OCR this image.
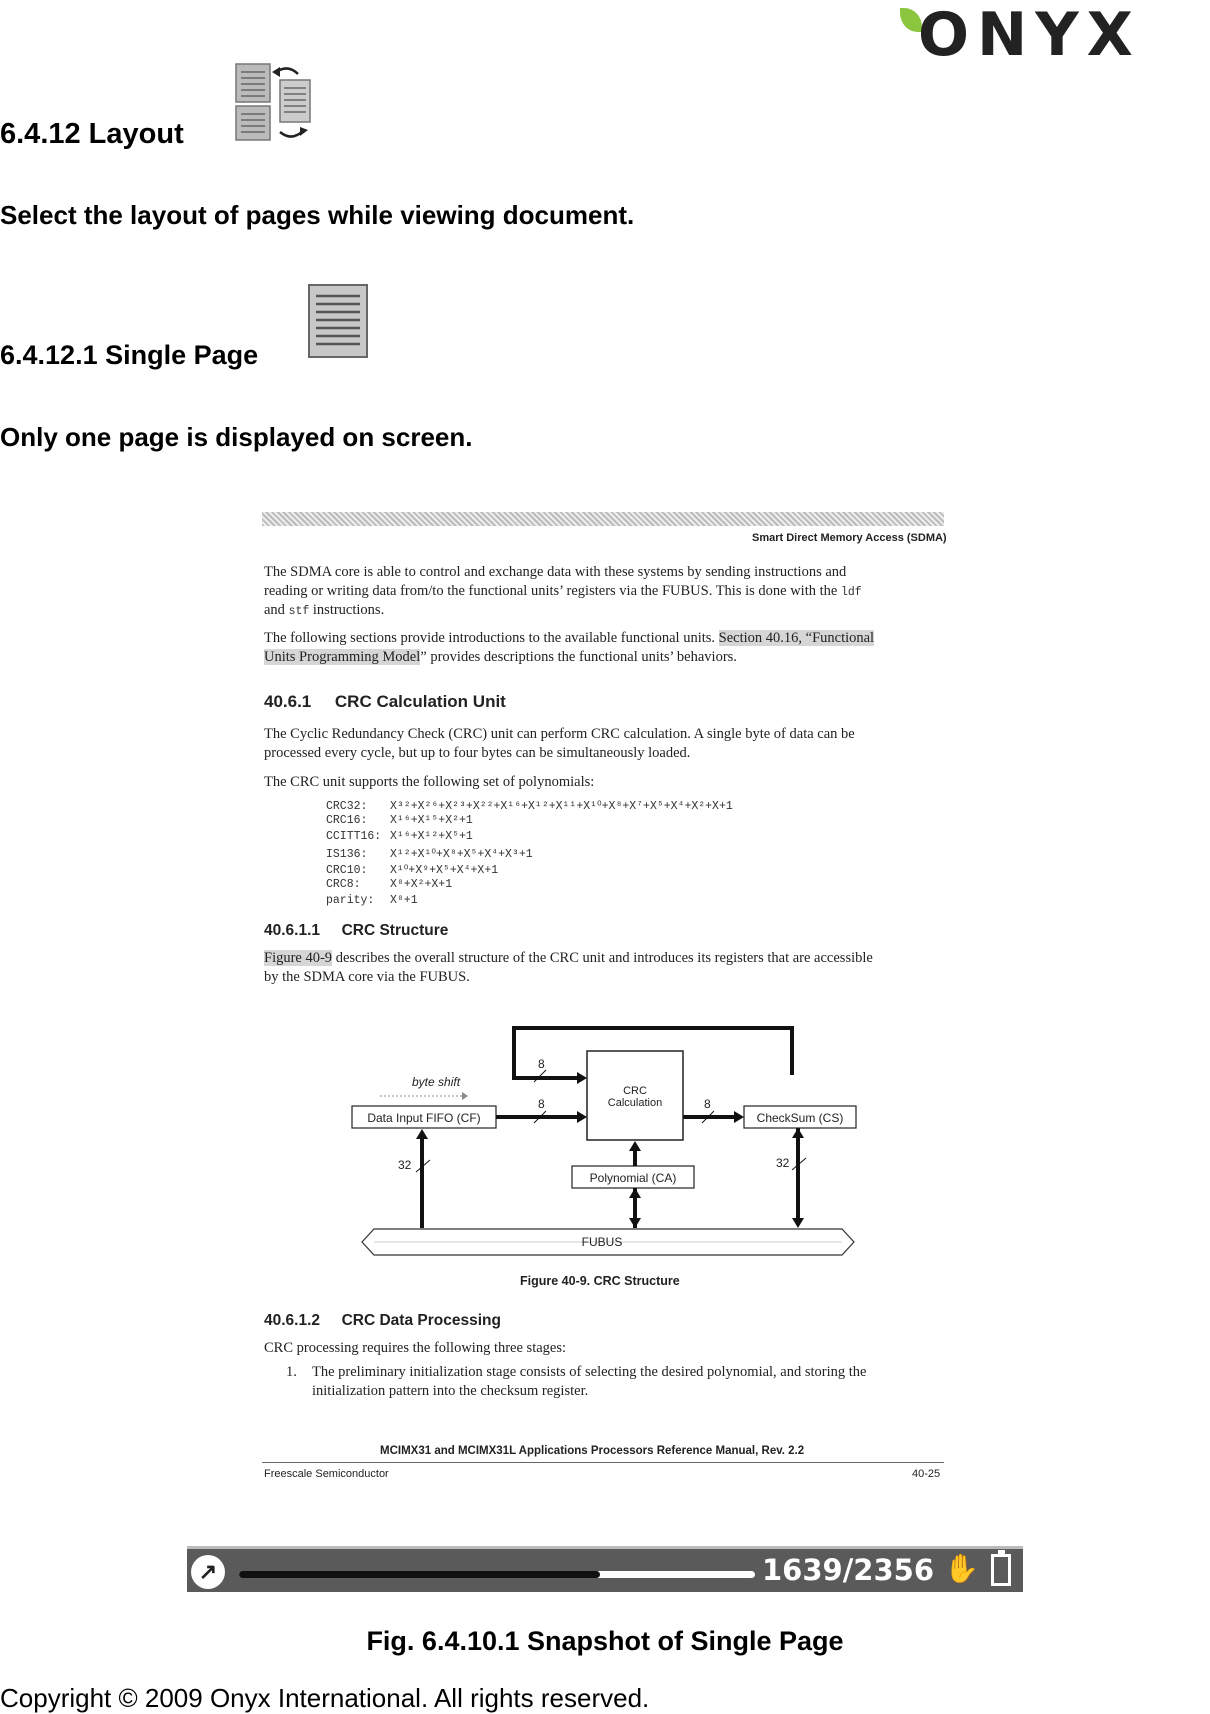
ONYX
6.4.12 Layout
Select the layout of pages while viewing document.
6.4.12.1 Single Page
Only one page is displayed on screen.
Smart Direct Memory Access (SDMA)
The SDMA core is able to control and exchange data with these systems by sending instructions and
reading or writing data from/to the functional units’ registers via the FUBUS. This is done with the ldf
and stf instructions.
The following sections provide introductions to the available functional units. Section 40.16, “Functional
Units Programming Model” provides descriptions the functional units’ behaviors.
40.6.1 CRC Calculation Unit
The Cyclic Redundancy Check (CRC) unit can perform CRC calculation. A single byte of data can be
processed every cycle, but up to four bytes can be simultaneously loaded.
The CRC unit supports the following set of polynomials:
CRC32: X³²+X²⁶+X²³+X²²+X¹⁶+X¹²+X¹¹+X¹⁰+X⁸+X⁷+X⁵+X⁴+X²+X+1
CRC16: X¹⁶+X¹⁵+X²+1
CCITT16: X¹⁶+X¹²+X⁵+1
IS136: X¹²+X¹⁰+X⁸+X⁵+X⁴+X³+1
CRC10: X¹⁰+X⁹+X⁵+X⁴+X+1
CRC8:	X⁸+X²+X+1
parity: X⁸+1
40.6.1.1 CRC Structure
Figure 40-9 describes the overall structure of the CRC unit and introduces its registers that are accessible
by the SDMA core via the FUBUS.
8
CRC
Calculation
byte shift
Data Input FIFO (CF)
8	8
CheckSum (CS)
Polynomial (CA)
32	32
FUBUS
Figure 40-9. CRC Structure
40.6.1.2 CRC Data Processing
CRC processing requires the following three stages:
1. The preliminary initialization stage consists of selecting the desired polynomial, and storing the
initialization pattern into the checksum register.
MCIMX31 and MCIMX31L Applications Processors Reference Manual, Rev. 2.2
Freescale Semiconductor	40-25
↗	1639/2356 ✋
Fig. 6.4.10.1 Snapshot of Single Page
Copyright © 2009 Onyx International. All rights reserved.
